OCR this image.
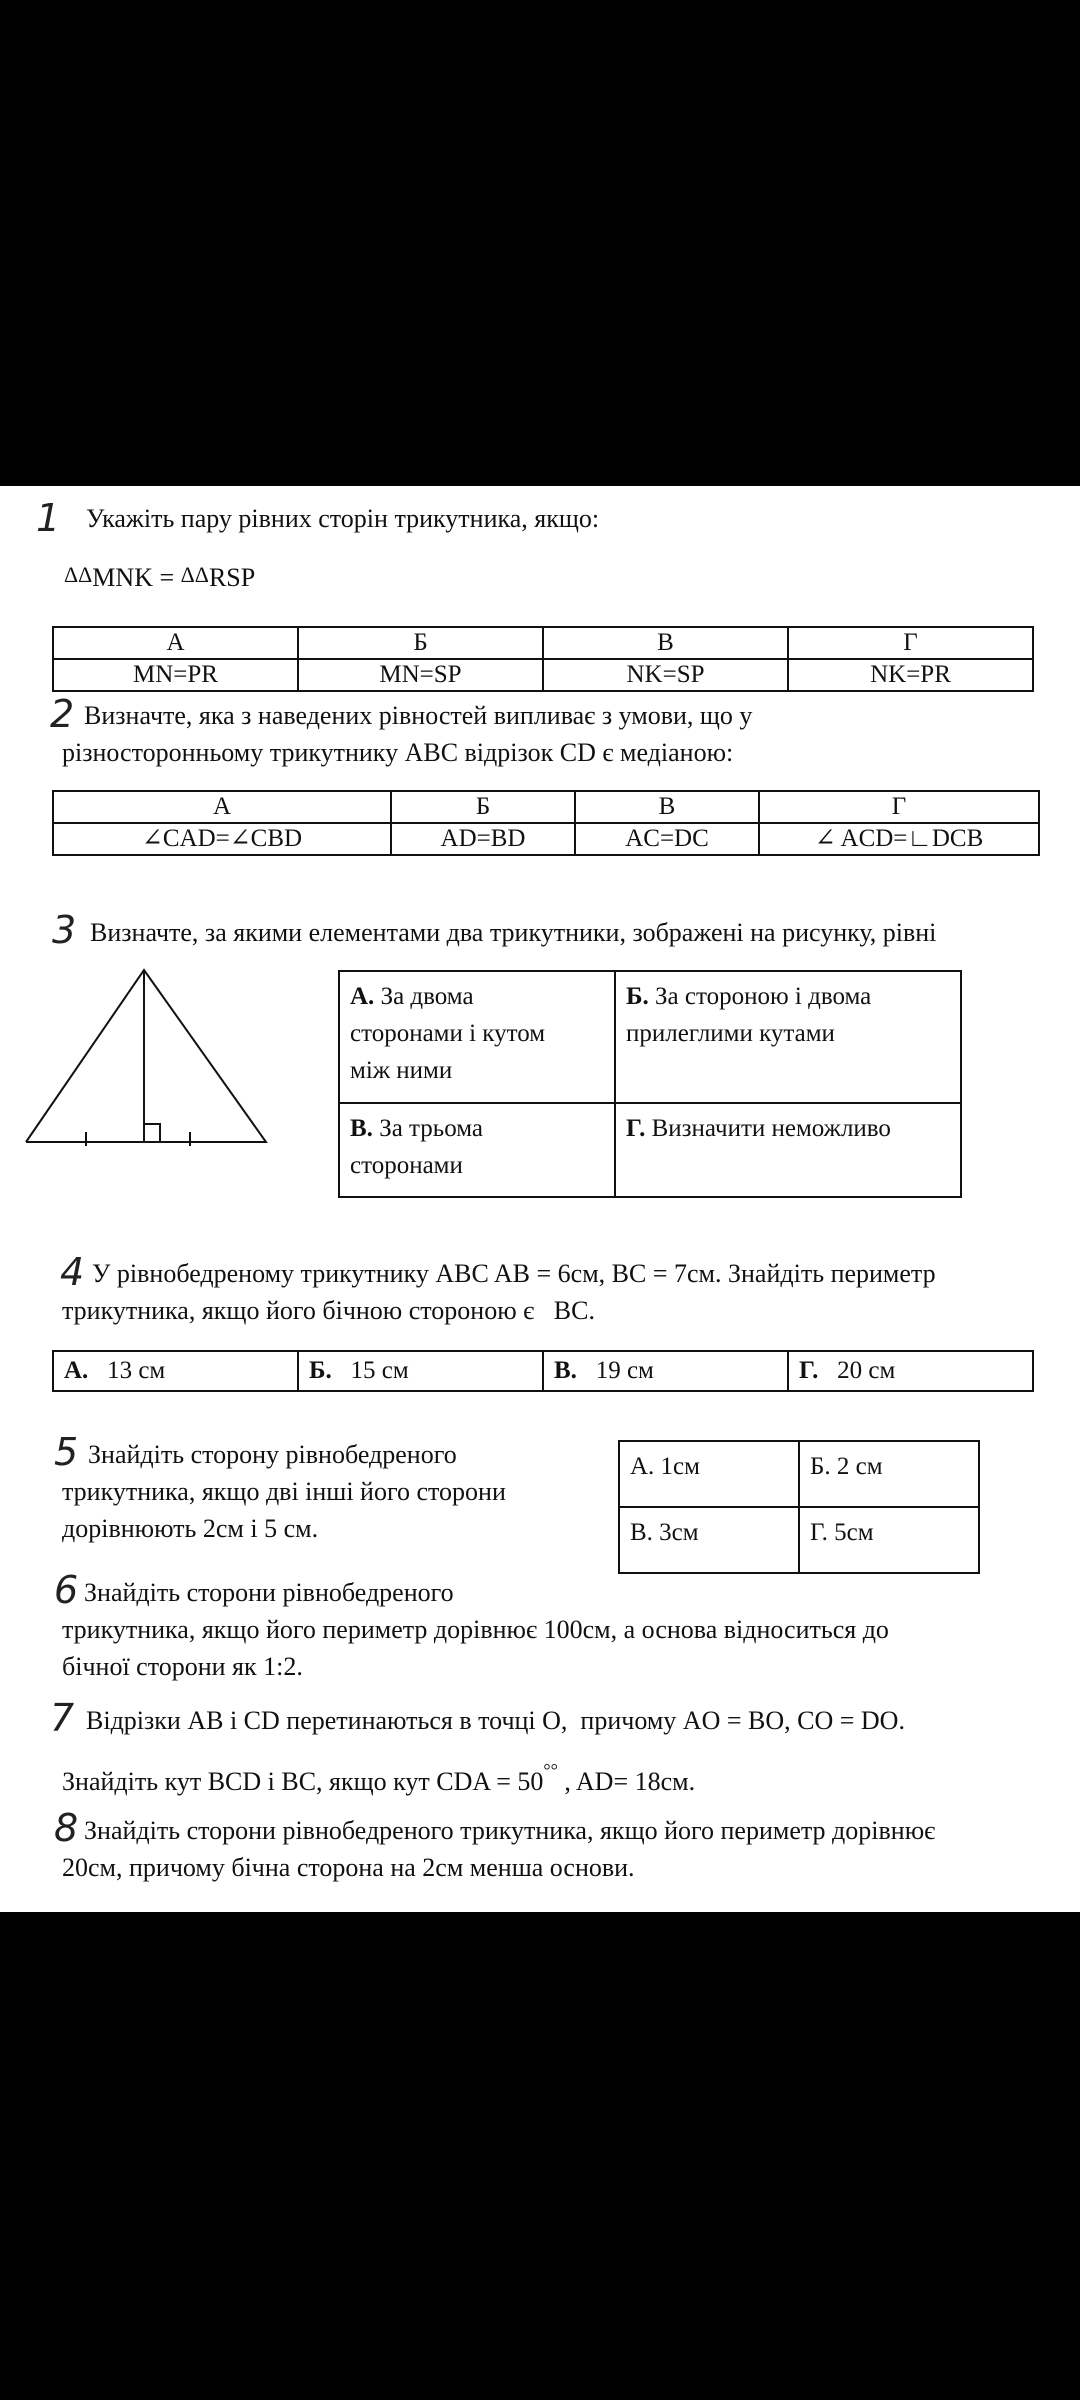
1 Укажіть пару рівних сторін трикутника, якщо:
ΔΔMNK = ΔΔRSP
А	Б	В	Г
MN=PR	MN=SP	NK=SP	NK=PR
2 Визначте, яка з наведених рівностей випливає з умови, що у
різносторонньому трикутнику АВС відрізок CD є медіаною:
А	Б	В	Г
∠CAD=∠CBD	AD=BD	AC=DC	∠ ACD=∟DCB
3 Визначте, за якими елементами два трикутники, зображені на рисунку, рівні
А. За двома
сторонами і кутом
між ними	Б. За стороною і двома
прилеглими кутами
В. За трьома
сторонами	Г. Визначити неможливо
4 У рівнобедреному трикутнику ABC AB = 6см, BC = 7см. Знайдіть периметр
трикутника, якщо його бічною стороною є   BC.
А. 13 см	Б. 15 см	В. 19 см	Г. 20 см
5 Знайдіть сторону рівнобедреного
трикутника, якщо дві інші його сторони
дорівнюють 2см і 5 см.
А. 1см	Б. 2 см
В. 3см	Г. 5см
6 Знайдіть сторони рівнобедреного
трикутника, якщо його периметр дорівнює 100см, а основа відноситься до
бічної сторони як 1:2.
7 Відрізки AB і CD перетинаються в точці O,  причому AO = BO, CO = DO.
Знайдіть кут BCD і BC, якщо кут CDA = 50°° , AD= 18см.
8 Знайдіть сторони рівнобедреного трикутника, якщо його периметр дорівнює
20см, причому бічна сторона на 2см менша основи.
